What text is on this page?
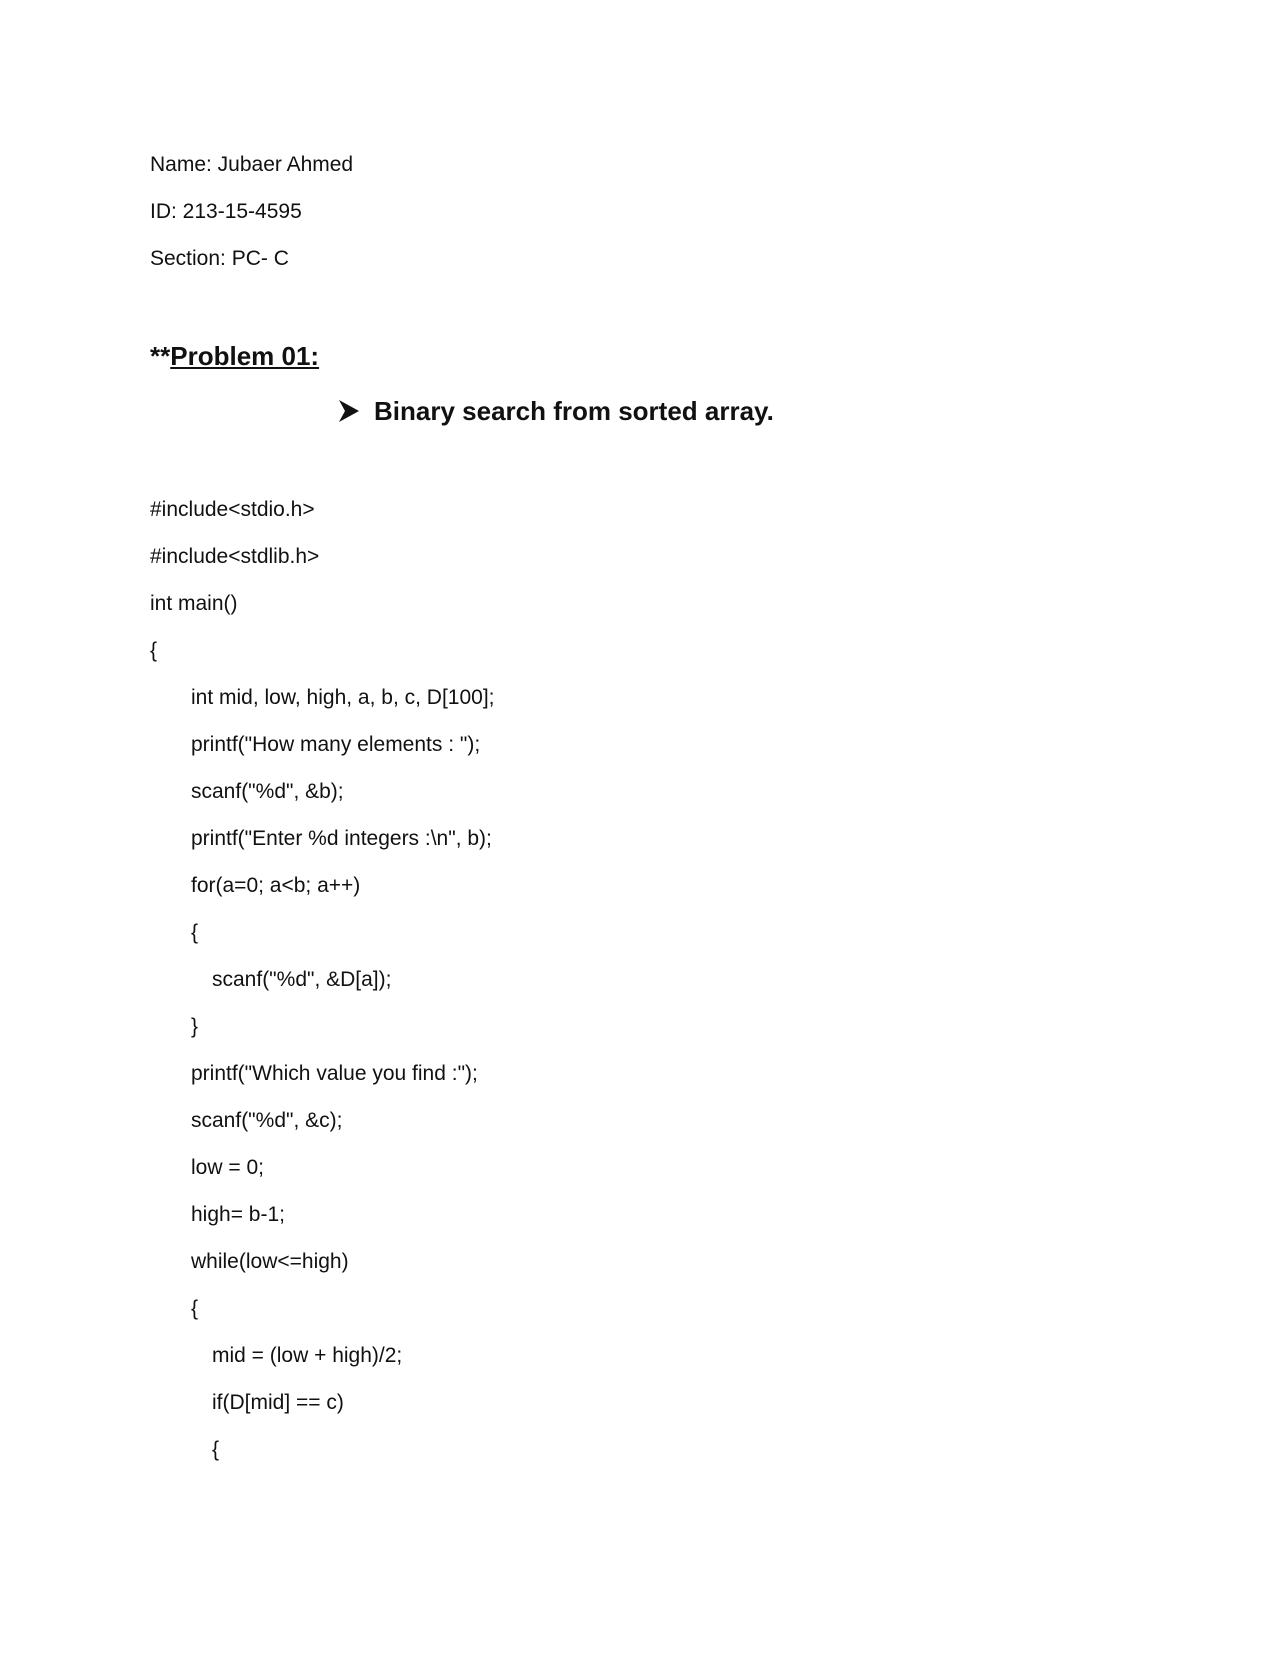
Name: Jubaer Ahmed
ID: 213-15-4595
Section: PC- C
**Problem 01:
Binary search from sorted array.
#include<stdio.h>
#include<stdlib.h>
int main()
{
int mid, low, high, a, b, c, D[100];
printf("How many elements : ");
scanf("%d", &b);
printf("Enter %d integers :\n", b);
for(a=0; a<b; a++)
{
scanf("%d", &D[a]);
}
printf("Which value you find :");
scanf("%d", &c);
low = 0;
high= b-1;
while(low<=high)
{
mid = (low + high)/2;
if(D[mid] == c)
{
